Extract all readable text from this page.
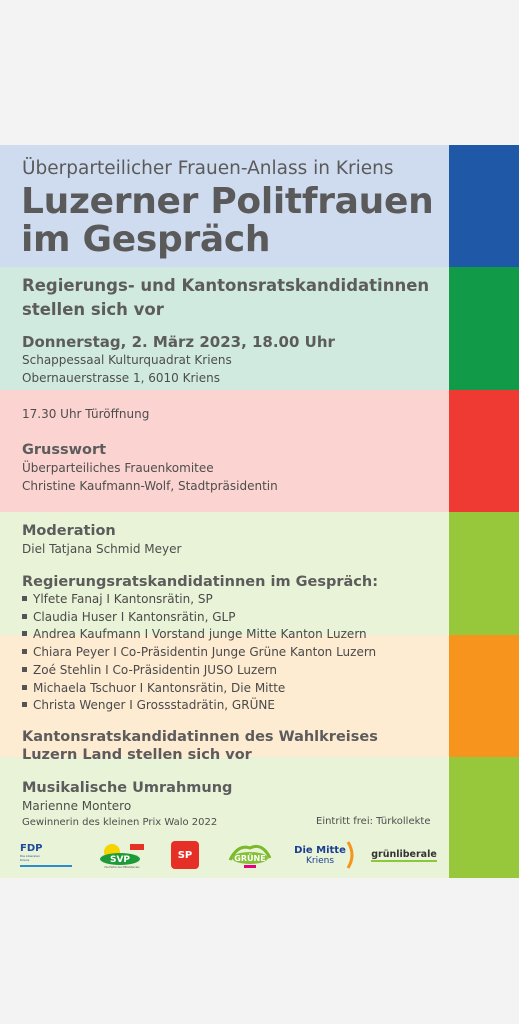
Überparteilicher Frauen-Anlass in Kriens
Luzerner Politfrauen
im Gespräch
Regierungs- und Kantonsratskandidatinnen
stellen sich vor
Donnerstag, 2. März 2023, 18.00 Uhr
Schappessaal Kulturquadrat Kriens
Obernauerstrasse 1, 6010 Kriens
17.30 Uhr Türöffnung
Grusswort
Überparteiliches Frauenkomitee
Christine Kaufmann-Wolf, Stadtpräsidentin
Moderation
Diel Tatjana Schmid Meyer
Regierungsratskandidatinnen im Gespräch:
Ylfete Fanaj I Kantonsrätin, SP
Claudia Huser I Kantonsrätin, GLP
Andrea Kaufmann I Vorstand junge Mitte Kanton Luzern
Chiara Peyer I Co-Präsidentin Junge Grüne Kanton Luzern
Zoé Stehlin I Co-Präsidentin JUSO Luzern
Michaela Tschuor I Kantonsrätin, Die Mitte
Christa Wenger I Grossstadrätin, GRÜNE
Kantonsratskandidatinnen des Wahlkreises
Luzern Land stellen sich vor
Musikalische Umrahmung
Marienne Montero
Gewinnerin des kleinen Prix Walo 2022	Eintritt frei: Türkollekte
FDP
Die Liberalen Kriens	SVP
Die Partei des Mittelstandes
SP	GRÜNE
Die Mitte
Kriens
grünliberale
